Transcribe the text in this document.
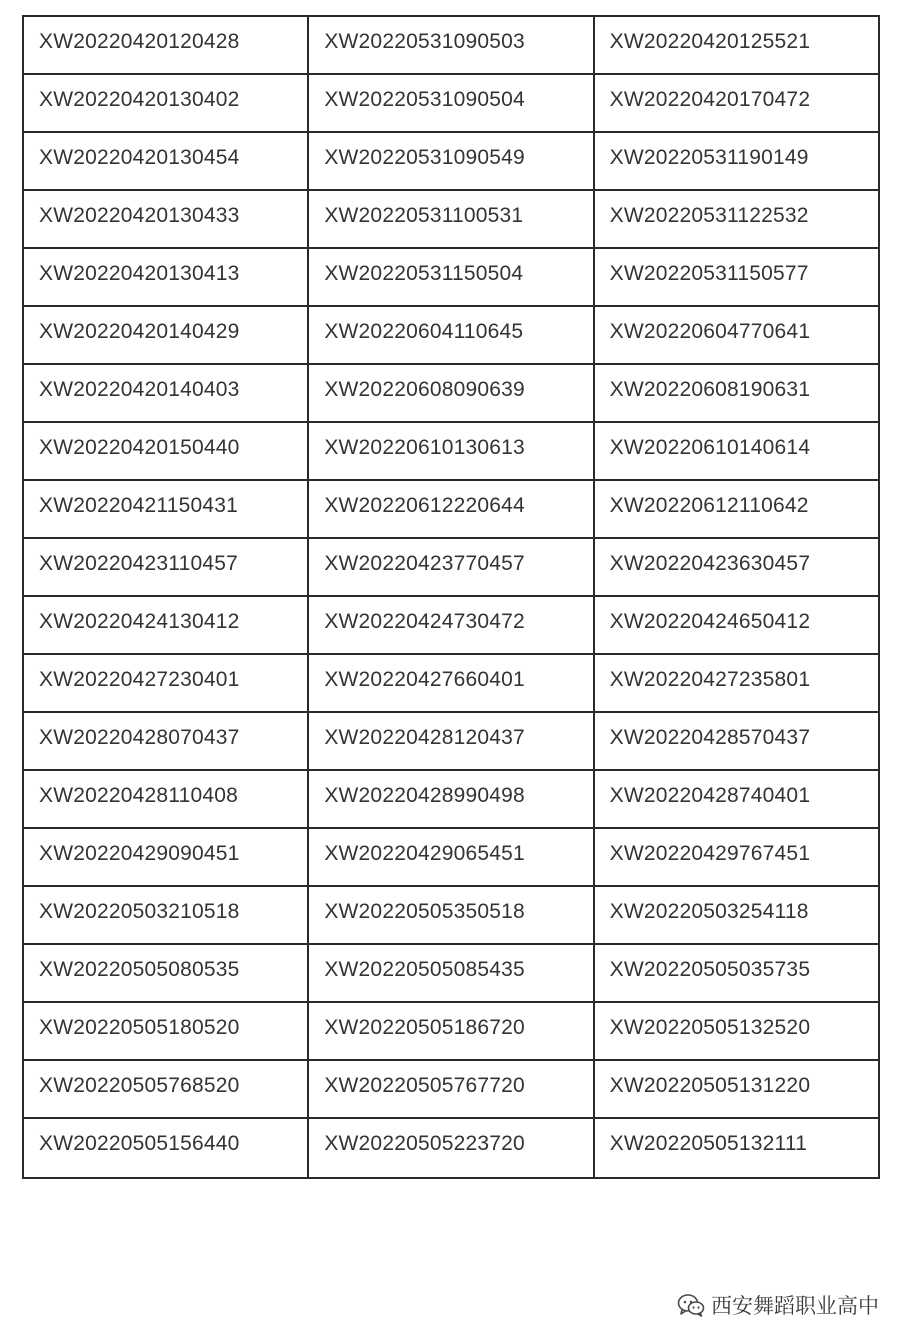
XW20220420120428	XW20220531090503	XW20220420125521
XW20220420130402	XW20220531090504	XW20220420170472
XW20220420130454	XW20220531090549	XW20220531190149
XW20220420130433	XW20220531100531	XW20220531122532
XW20220420130413	XW20220531150504	XW20220531150577
XW20220420140429	XW20220604110645	XW20220604770641
XW20220420140403	XW20220608090639	XW20220608190631
XW20220420150440	XW20220610130613	XW20220610140614
XW20220421150431	XW20220612220644	XW20220612110642
XW20220423110457	XW20220423770457	XW20220423630457
XW20220424130412	XW20220424730472	XW20220424650412
XW20220427230401	XW20220427660401	XW20220427235801
XW20220428070437	XW20220428120437	XW20220428570437
XW20220428110408	XW20220428990498	XW20220428740401
XW20220429090451	XW20220429065451	XW20220429767451
XW20220503210518	XW20220505350518	XW20220503254118
XW20220505080535	XW20220505085435	XW20220505035735
XW20220505180520	XW20220505186720	XW20220505132520
XW20220505768520	XW20220505767720	XW20220505131220
XW20220505156440	XW20220505223720	XW20220505132111
西安舞蹈职业高中
